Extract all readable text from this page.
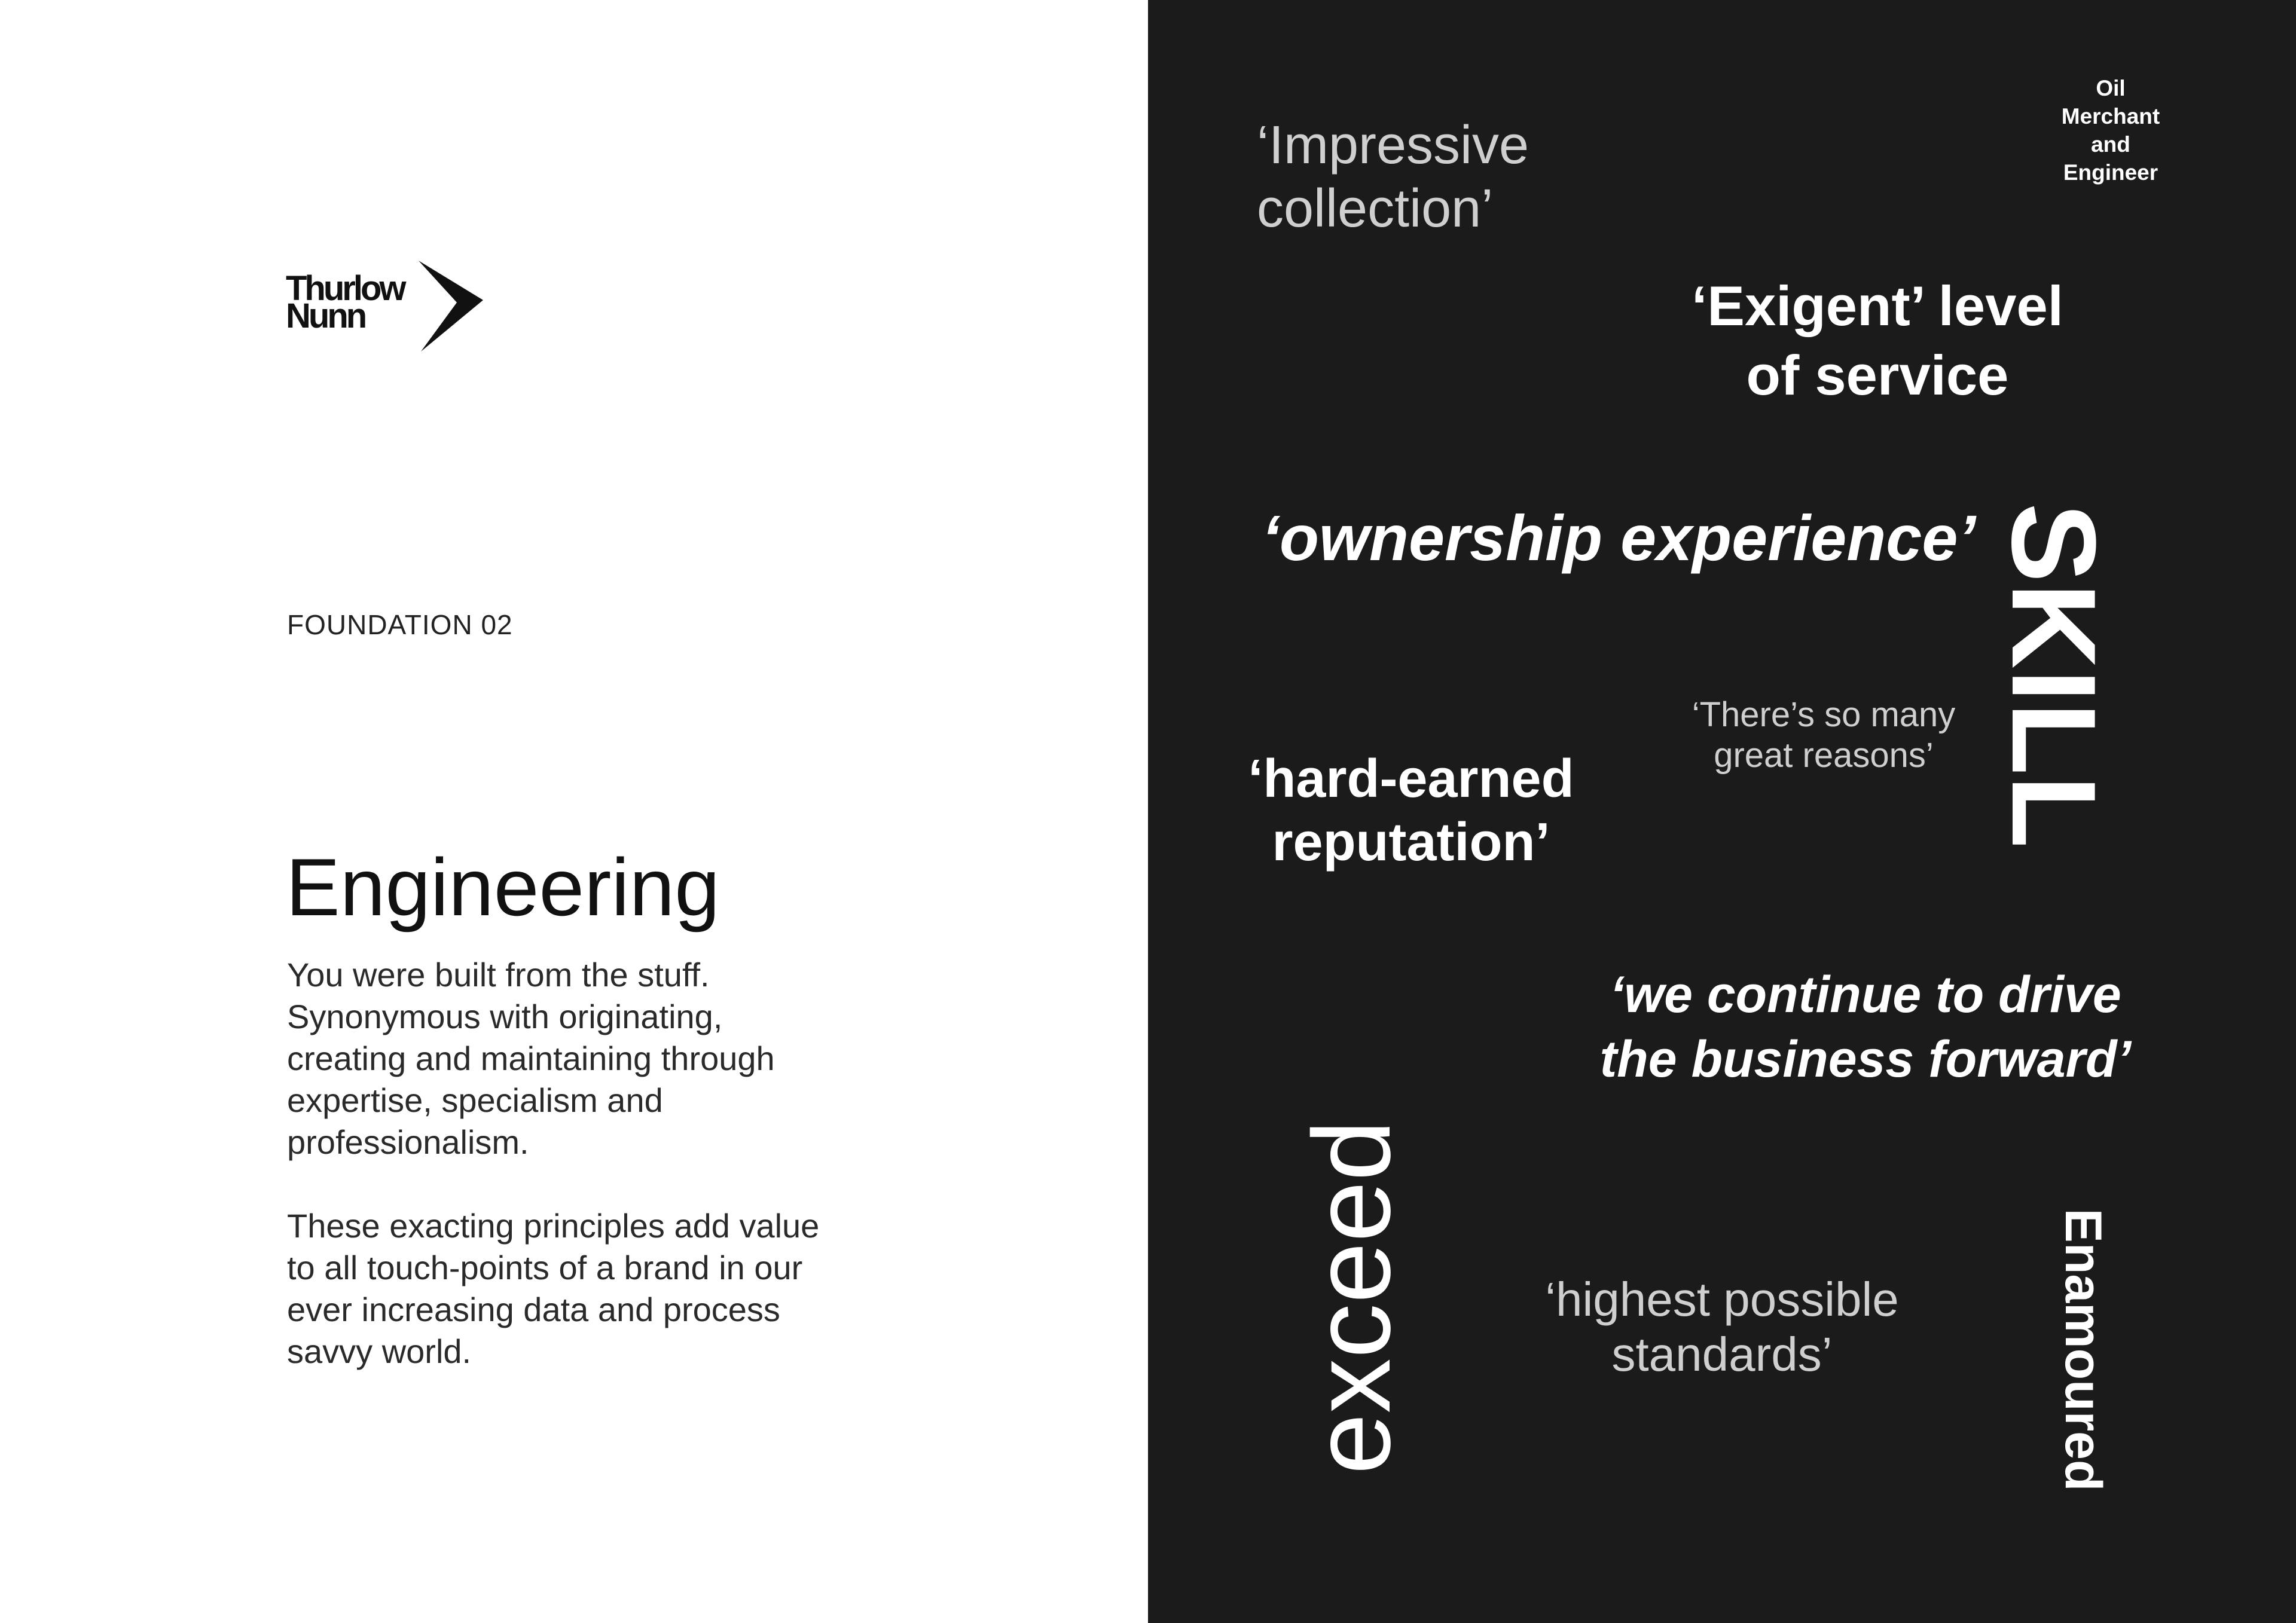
Thurlow
Nunn
FOUNDATION 02
Engineering

You were built from the stuff.
Synonymous with originating,
creating and maintaining through
expertise, specialism and
professionalism.

These exacting principles add value
to all touch-points of a brand in our
ever increasing data and process
savvy world.

‘Impressive
collection’
Oil
Merchant
and
Engineer
‘Exigent’ level
of service
‘ownership experience’ SKILL
‘There’s so many
great reasons’
‘hard-earned
reputation’
‘we continue to drive
the business forward’
exceed	‘highest possible
standards’	Enamoured
